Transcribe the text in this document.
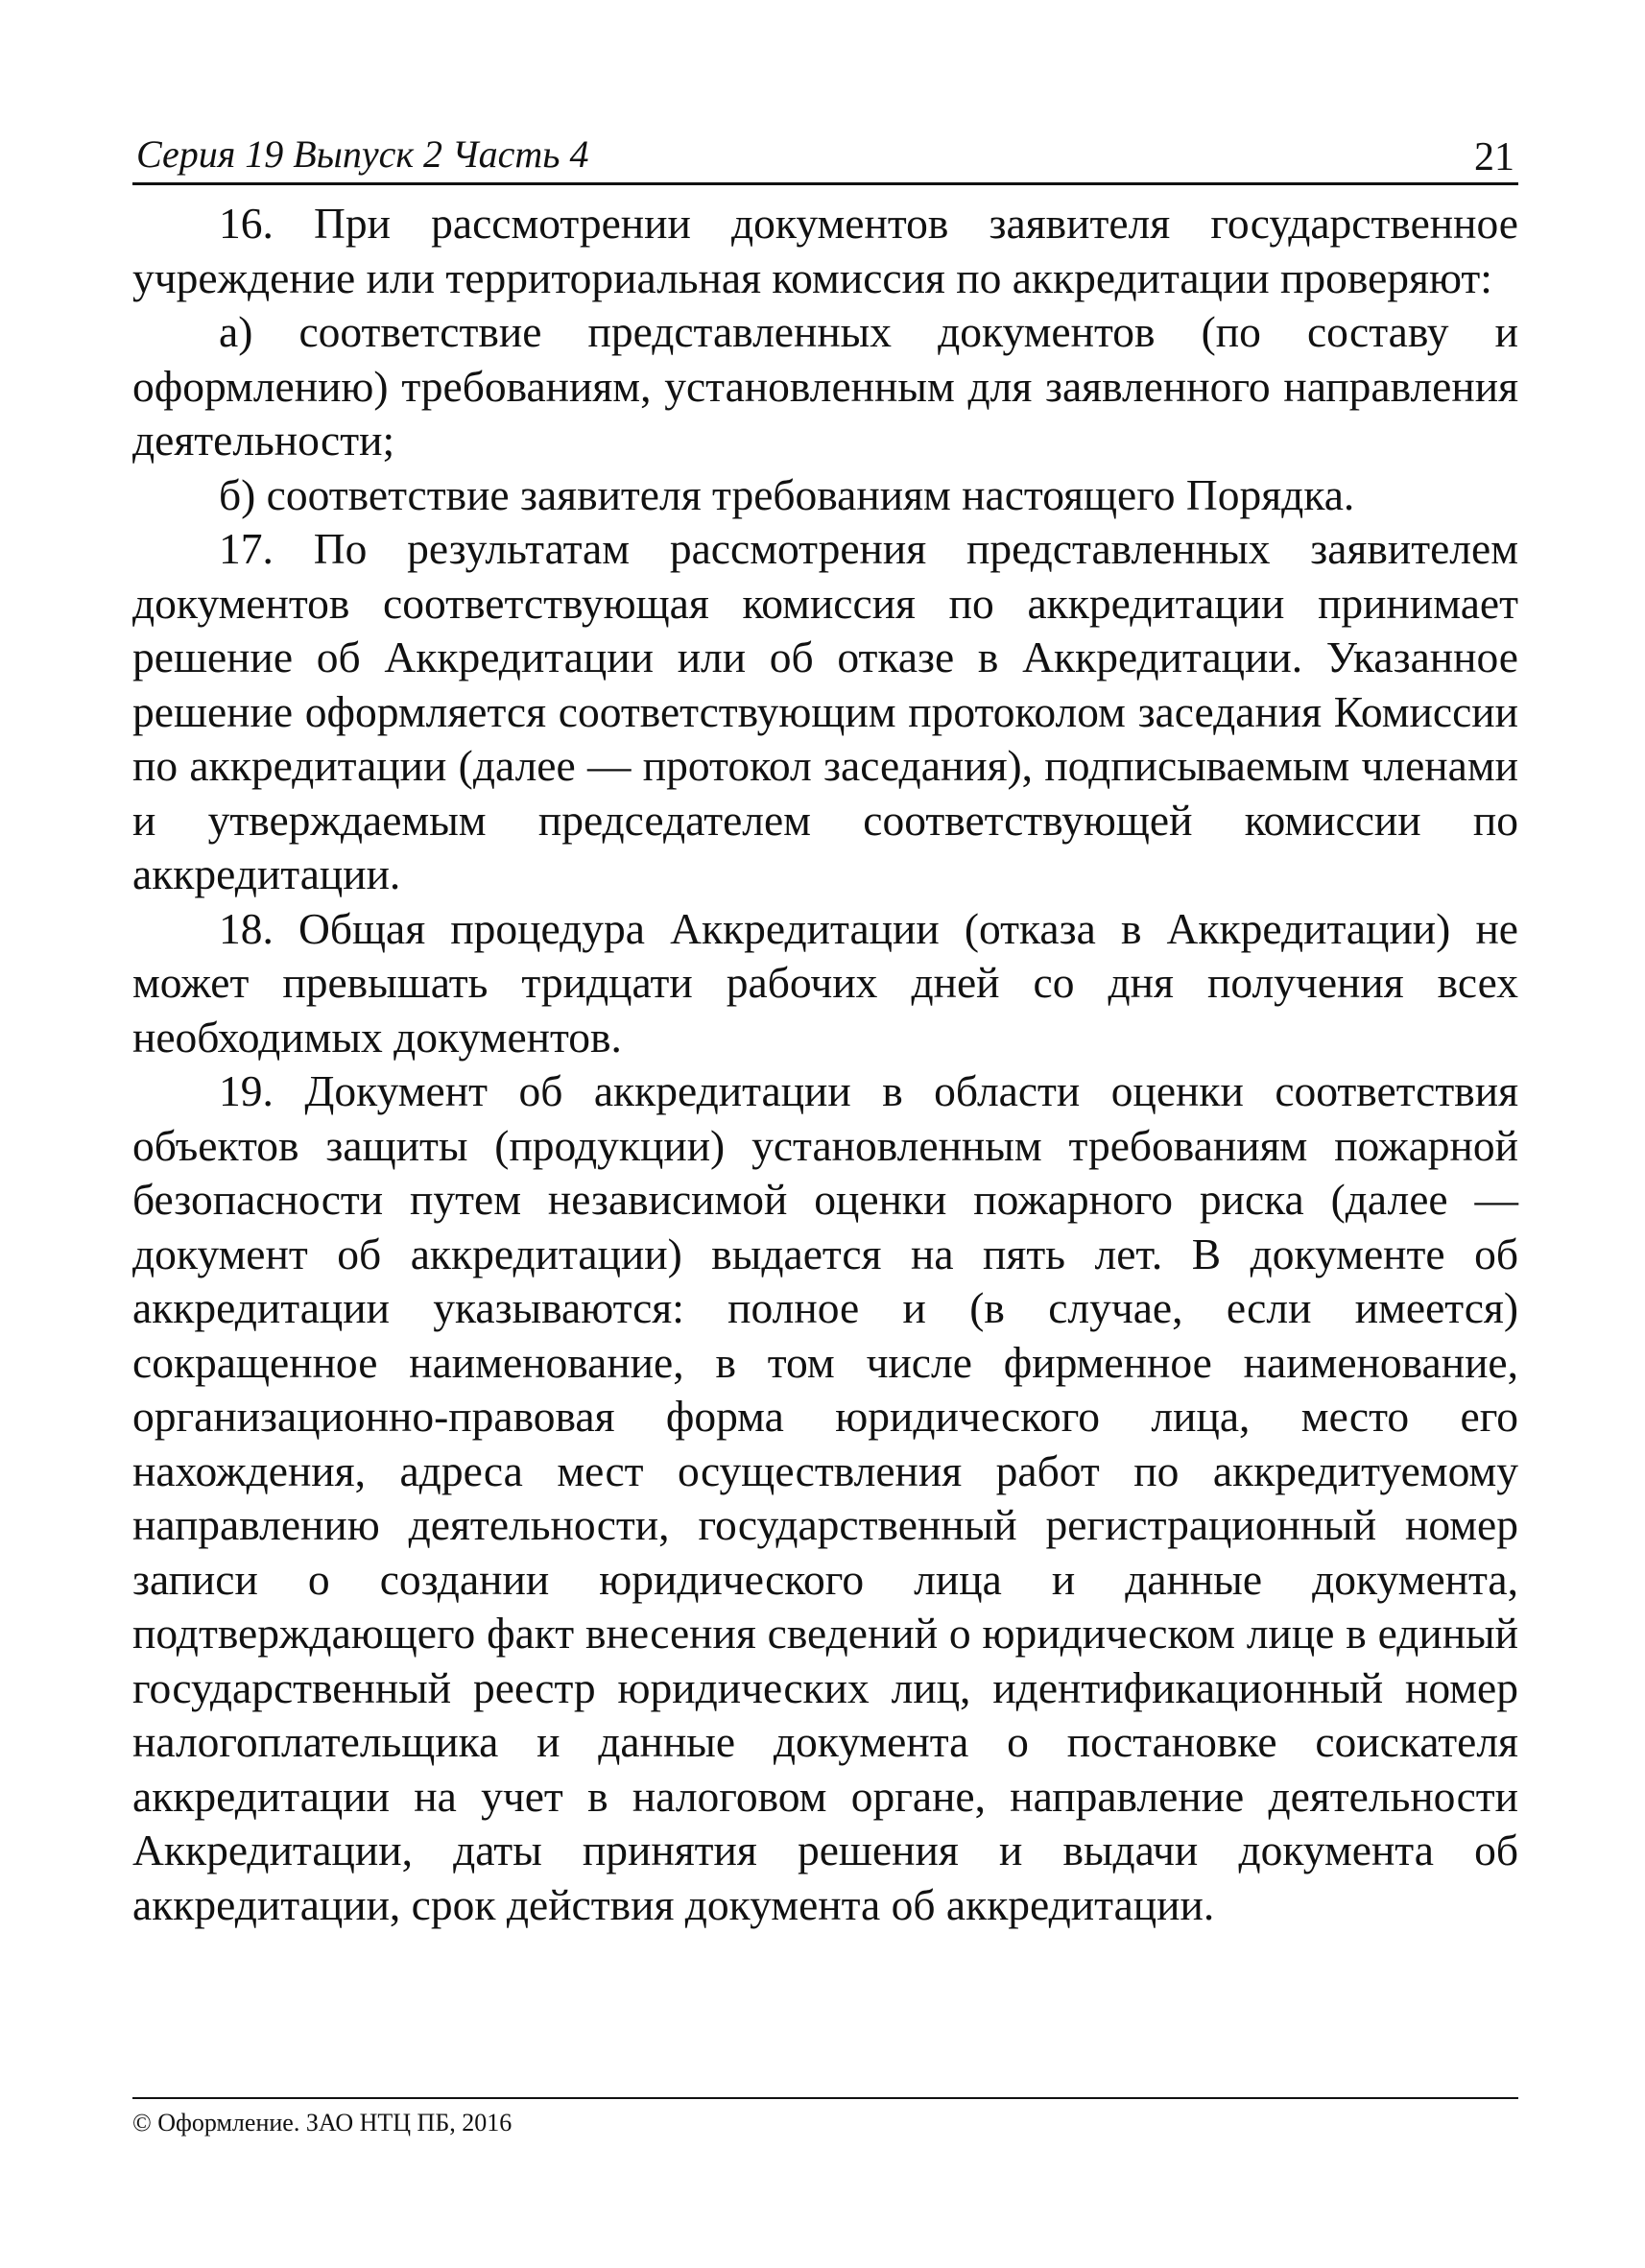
Серия 19 Выпуск 2 Часть 4	21

16. При рассмотрении документов заявителя государственное учреждение или территориальная комиссия по аккредитации проверяют:

а) соответствие представленных документов (по составу и оформлению) требованиям, установленным для заявленного направления деятельности;

б) соответствие заявителя требованиям настоящего Порядка.

17. По результатам рассмотрения представленных заявителем документов соответствующая комиссия по аккредитации принимает решение об Аккредитации или об отказе в Аккредитации. Указанное решение оформляется соответствующим протоколом заседания Комиссии по аккредитации (далее — протокол заседания), подписываемым членами и утверждаемым председателем соответствующей комиссии по аккредитации.

18. Общая процедура Аккредитации (отказа в Аккредитации) не может превышать тридцати рабочих дней со дня получения всех необходимых документов.

19. Документ об аккредитации в области оценки соответствия объектов защиты (продукции) установленным требованиям пожарной безопасности путем независимой оценки пожарного риска (далее — документ об аккредитации) выдается на пять лет. В документе об аккредитации указываются: полное и (в случае, если имеется) сокращенное наименование, в том числе фирменное наименование, организационно-правовая форма юридического лица, место его нахождения, адреса мест осуществления работ по аккредитуемому направлению деятельности, государственный регистрационный номер записи о создании юридического лица и данные документа, подтверждающего факт внесения сведений о юридическом лице в единый государственный реестр юридических лиц, идентификационный номер налогоплательщика и данные документа о постановке соискателя аккредитации на учет в налоговом органе, направление деятельности Аккредитации, даты принятия решения и выдачи документа об аккредитации, срок действия документа об аккредитации.

© Оформление. ЗАО НТЦ ПБ, 2016
